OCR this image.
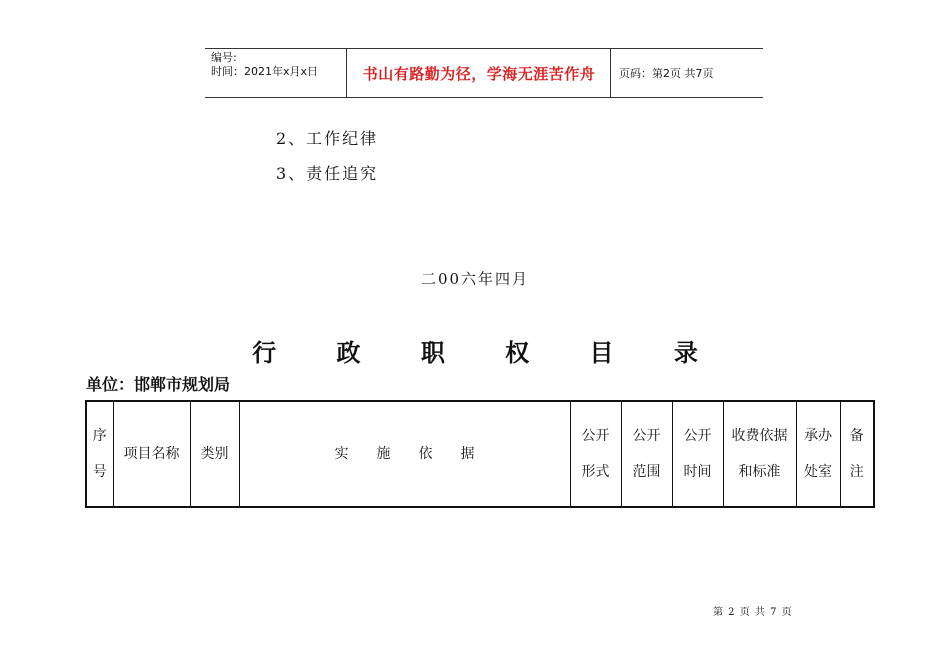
编号:
时间：2021年x月x日	书山有路勤为径，学海无涯苦作舟	页码：第2页 共7页
2、工作纪律
3、责任追究
二00六年四月
行 政 职 权 目 录
单位：邯郸市规划局
序号	项目名称	类别	实　　施　　依　　据	公开形式	公开范围	公开时间	收费依据和标准	承办处室	备注
第 2 页 共 7 页
